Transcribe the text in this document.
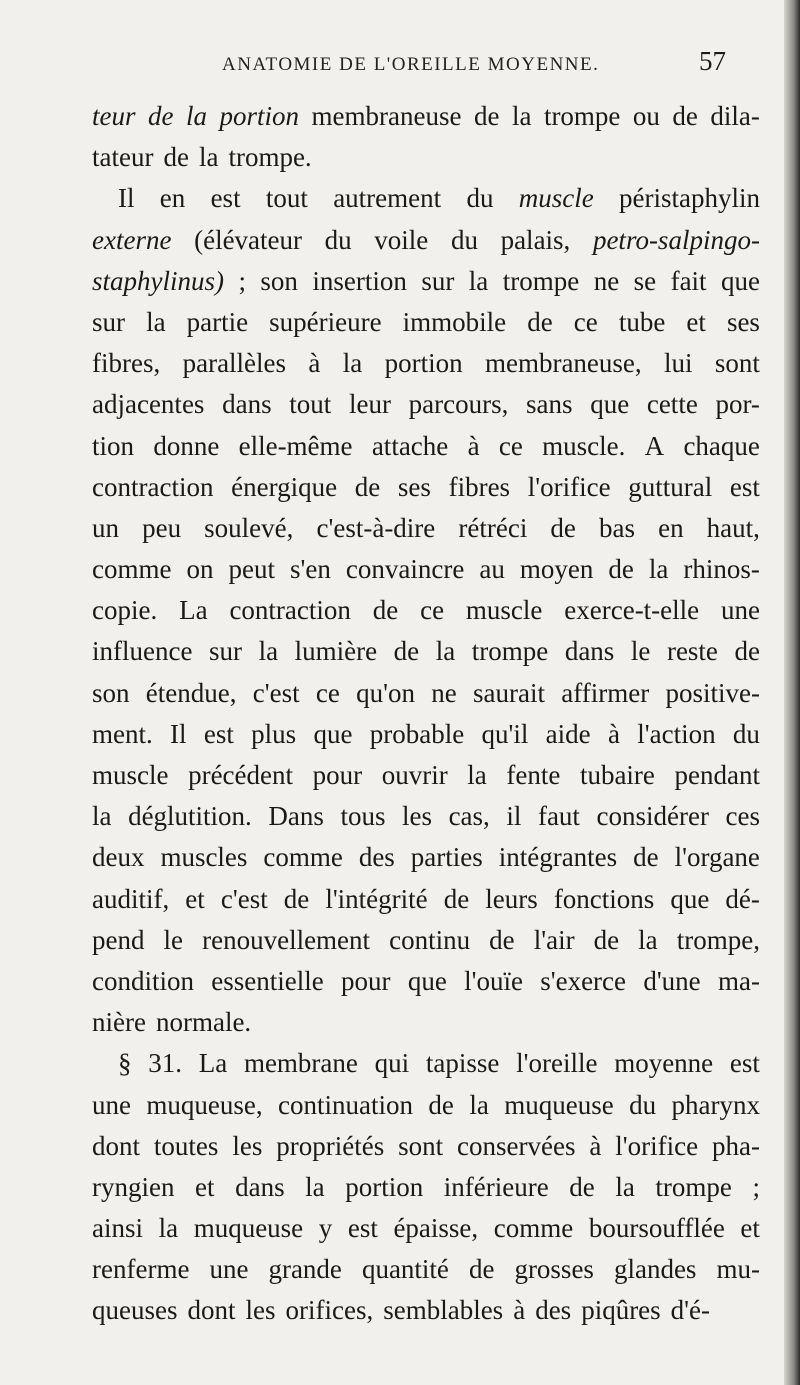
ANATOMIE DE L'OREILLE MOYENNE.	57
teur de la portion membraneuse de la trompe ou de dila-
tateur de la trompe.
Il en est tout autrement du muscle péristaphylin
externe (élévateur du voile du palais, petro-salpingo-
staphylinus) ; son insertion sur la trompe ne se fait que
sur la partie supérieure immobile de ce tube et ses
fibres, parallèles à la portion membraneuse, lui sont
adjacentes dans tout leur parcours, sans que cette por-
tion donne elle-même attache à ce muscle. A chaque
contraction énergique de ses fibres l'orifice guttural est
un peu soulevé, c'est-à-dire rétréci de bas en haut,
comme on peut s'en convaincre au moyen de la rhinos-
copie. La contraction de ce muscle exerce-t-elle une
influence sur la lumière de la trompe dans le reste de
son étendue, c'est ce qu'on ne saurait affirmer positive-
ment. Il est plus que probable qu'il aide à l'action du
muscle précédent pour ouvrir la fente tubaire pendant
la déglutition. Dans tous les cas, il faut considérer ces
deux muscles comme des parties intégrantes de l'organe
auditif, et c'est de l'intégrité de leurs fonctions que dé-
pend le renouvellement continu de l'air de la trompe,
condition essentielle pour que l'ouïe s'exerce d'une ma-
nière normale.
§ 31. La membrane qui tapisse l'oreille moyenne est
une muqueuse, continuation de la muqueuse du pharynx
dont toutes les propriétés sont conservées à l'orifice pha-
ryngien et dans la portion inférieure de la trompe ;
ainsi la muqueuse y est épaisse, comme boursoufflée et
renferme une grande quantité de grosses glandes mu-
queuses dont les orifices, semblables à des piqûres d'é-
